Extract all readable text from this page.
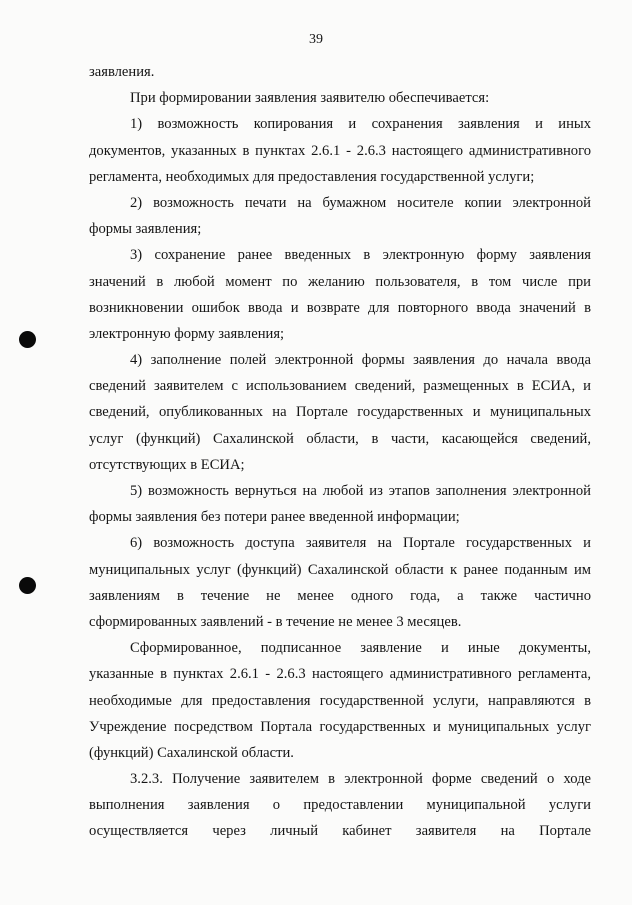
39
заявления.
При формировании заявления заявителю обеспечивается:
1) возможность копирования и сохранения заявления и иных
документов, указанных в пунктах 2.6.1 - 2.6.3 настоящего административного
регламента, необходимых для предоставления государственной услуги;
2) возможность печати на бумажном носителе копии электронной
формы заявления;
3) сохранение ранее введенных в электронную форму заявления
значений в любой момент по желанию пользователя, в том числе при
возникновении ошибок ввода и возврате для повторного ввода значений в
электронную форму заявления;
4) заполнение полей электронной формы заявления до начала ввода
сведений заявителем с использованием сведений, размещенных в ЕСИА, и
сведений, опубликованных на Портале государственных и муниципальных
услуг (функций) Сахалинской области, в части, касающейся сведений,
отсутствующих в ЕСИА;
5) возможность вернуться на любой из этапов заполнения электронной
формы заявления без потери ранее введенной информации;
6) возможность доступа заявителя на Портале государственных и
муниципальных услуг (функций) Сахалинской области к ранее поданным им
заявлениям в течение не менее одного года, а также частично
сформированных заявлений - в течение не менее 3 месяцев.
Сформированное, подписанное заявление и иные документы,
указанные в пунктах 2.6.1 - 2.6.3 настоящего административного регламента,
необходимые для предоставления государственной услуги, направляются в
Учреждение посредством Портала государственных и муниципальных услуг
(функций) Сахалинской области.
3.2.3. Получение заявителем в электронной форме сведений о ходе
выполнения заявления о предоставлении муниципальной услуги
осуществляется через личный кабинет заявителя на Портале
